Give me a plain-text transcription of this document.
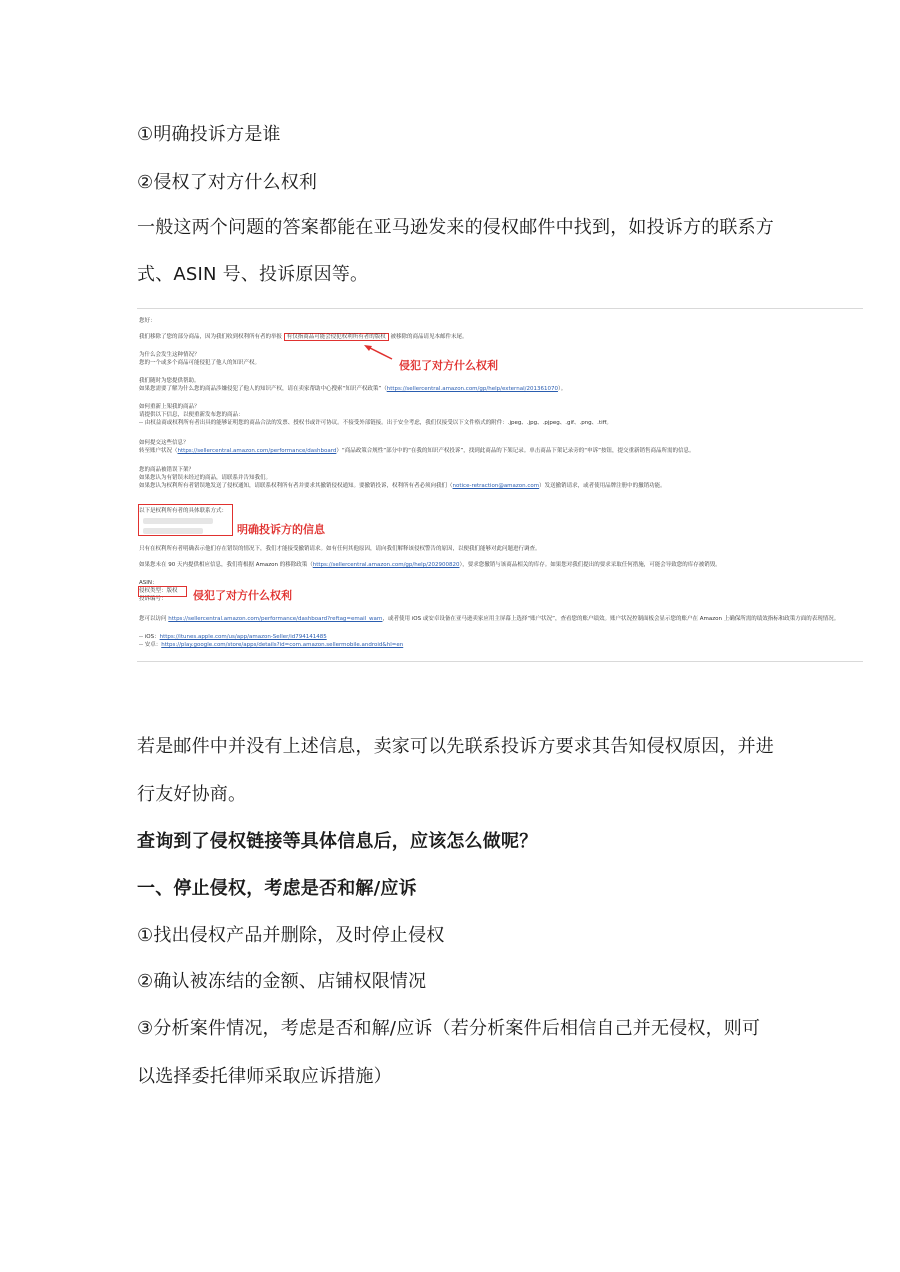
①明确投诉方是谁
②侵权了对方什么权利
一般这两个问题的答案都能在亚马逊发来的侵权邮件中找到，如投诉方的联系方
式、ASIN 号、投诉原因等。
您好：
我们移除了您的部分商品，因为我们收到权利所有者的举报 有仅指商品可能会侵犯权利所有者的版权 被移除的商品请见本邮件末尾。
为什么会发生这种情况？
您的一个或多个商品可能侵犯了他人的知识产权。
我们随时为您提供帮助。
如果您需要了解为什么您的商品涉嫌侵犯了他人的知识产权，请在卖家帮助中心搜索“知识产权政策”（https://sellercentral.amazon.com/gp/help/external/201361070）。
如何重新上架我的商品？
请提供以下信息，以便重新发布您的商品：
-- 由权益商或权利所有者出具的能够证明您的商品合法的发票、授权书或许可协议。不接受外部链接。出于安全考虑，我们仅接受以下文件格式的附件：.jpeg、.jpg、.pjpeg、.gif、.png、.tiff。
如何提交这些信息？
转至账户状况（https://sellercentral.amazon.com/performance/dashboard）“商品政策合规性”部分中的“在我的知识产权投诉”，找到此商品的下架记录。单击商品下架记录旁的“申诉”按钮，提交重新销售商品所需的信息。
您的商品被错误下架？
如果您认为有错误未经过的商品，请联系并告知我们。
如果您认为权利所有者错误地发送了侵权通知，请联系权利所有者并要求其撤销侵权通知。要撤销投诉，权利所有者必须向我们（notice-retraction@amazon.com）发送撤销请求，或者使用品牌注册中的撤销功能。
以下是权利所有者的具体联系方式：
只有在权利所有者明确表示他们存在错误的情况下，我们才能接受撤销请求。如有任何其他原因，请向我们解释该侵权警告的原因，以便我们能够对此问题进行调查。
如果您未在 90 天内提供相应信息，我们将根据 Amazon 的移除政策（https://sellercentral.amazon.com/gp/help/202900820），要求您撤销与该商品相关的库存。如果您对我们提出的要求采取任何措施，可能会导致您的库存被销毁。
ASIN：
侵权类型：版权
投诉编号：
您可以访问 https://sellercentral.amazon.com/performance/dashboard?reftag=email_warn，或者使用 iOS 或安卓设备在亚马逊卖家应用主屏幕上选择“账户状况”，查看您的账户绩效。账户状况控制面板会显示您的账户在 Amazon 上确保所需的绩效指标和政策方面的表现情况。
-- iOS：https://itunes.apple.com/us/app/amazon-Seller/id794141485
-- 安卓：https://play.google.com/store/apps/details?id=com.amazon.sellermobile.android&hl=en
侵犯了对方什么权利
明确投诉方的信息
侵犯了对方什么权利
若是邮件中并没有上述信息，卖家可以先联系投诉方要求其告知侵权原因，并进
行友好协商。
查询到了侵权链接等具体信息后，应该怎么做呢？
一、停止侵权，考虑是否和解/应诉
①找出侵权产品并删除，及时停止侵权
②确认被冻结的金额、店铺权限情况
③分析案件情况，考虑是否和解/应诉（若分析案件后相信自己并无侵权，则可
以选择委托律师采取应诉措施）
